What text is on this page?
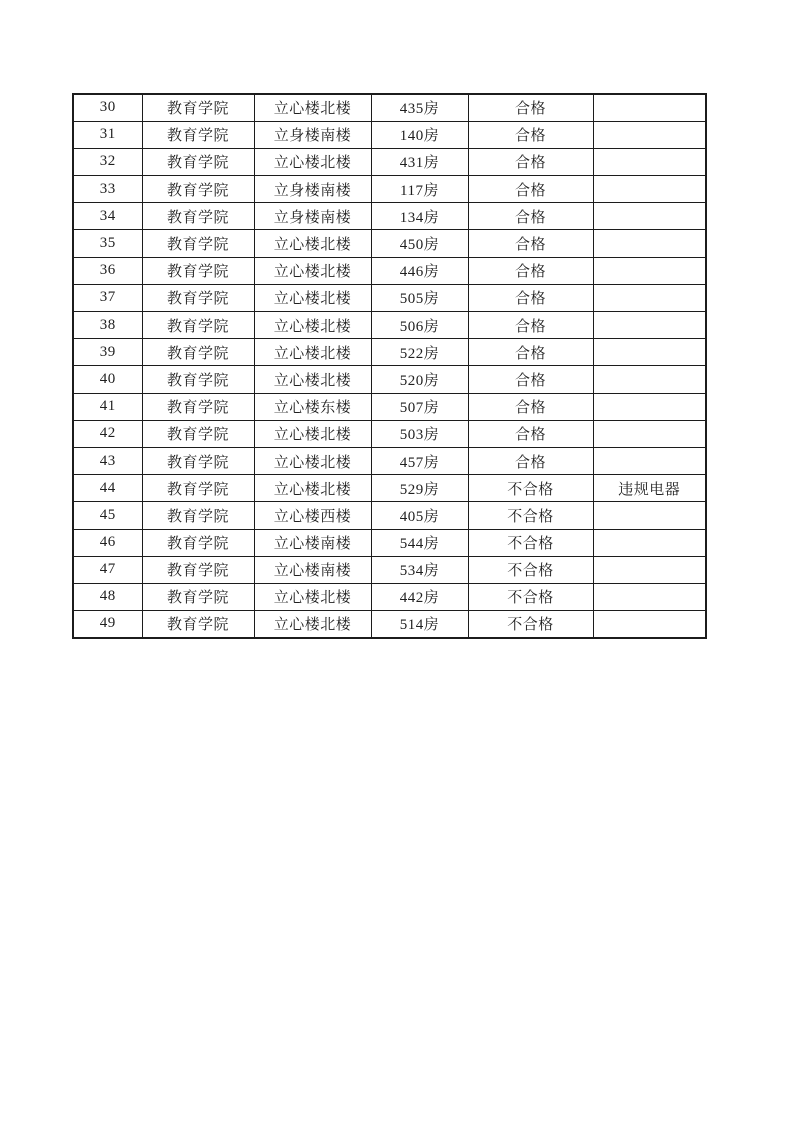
30	教育学院	立心楼北楼	435房	合格	
31	教育学院	立身楼南楼	140房	合格	
32	教育学院	立心楼北楼	431房	合格	
33	教育学院	立身楼南楼	117房	合格	
34	教育学院	立身楼南楼	134房	合格	
35	教育学院	立心楼北楼	450房	合格	
36	教育学院	立心楼北楼	446房	合格	
37	教育学院	立心楼北楼	505房	合格	
38	教育学院	立心楼北楼	506房	合格	
39	教育学院	立心楼北楼	522房	合格	
40	教育学院	立心楼北楼	520房	合格	
41	教育学院	立心楼东楼	507房	合格	
42	教育学院	立心楼北楼	503房	合格	
43	教育学院	立心楼北楼	457房	合格	
44	教育学院	立心楼北楼	529房	不合格	违规电器
45	教育学院	立心楼西楼	405房	不合格	
46	教育学院	立心楼南楼	544房	不合格	
47	教育学院	立心楼南楼	534房	不合格	
48	教育学院	立心楼北楼	442房	不合格	
49	教育学院	立心楼北楼	514房	不合格	
